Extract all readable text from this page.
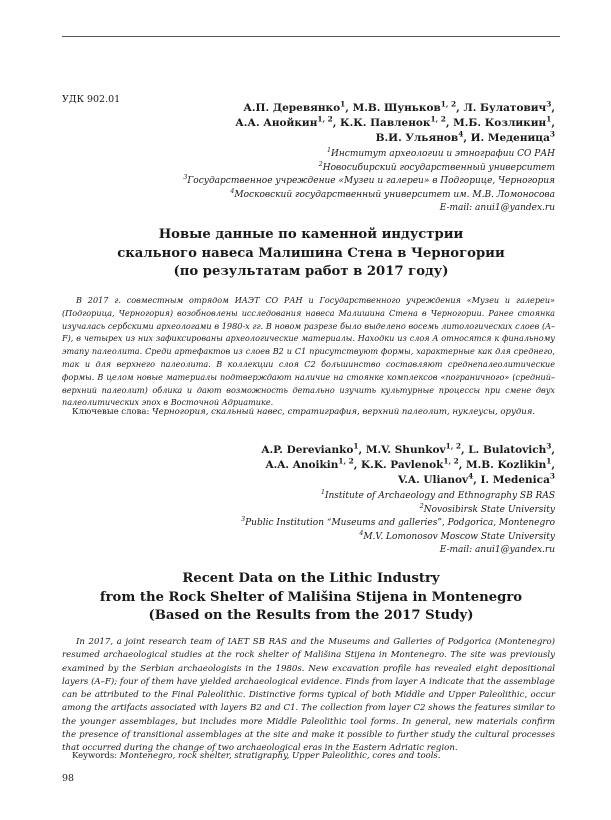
УДК 902.01
А.П. Деревянко$^1$, М.В. Шуньков$^{1, 2}$, Л. Булатович$^3$,
А.А. Анойкин$^{1, 2}$, К.К. Павленок$^{1, 2}$, М.Б. Козликин$^1$,
В.И. Ульянов$^4$, И. Меденица$^3$
$^1$Институт археологии и этнографии СО РАН
$^2$Новосибирский государственный университет
$^3$Государственное учреждение «Музеи и галереи» в Подгорице, Черногория
$^4$Московский государственный университет им. М.В. Ломоносова
E-mail: anui1@yandex.ru
Новые данные по каменной индустрии
скального навеса Малишина Стена в Черногории
(по результатам работ в 2017 году)
В 2017 г. совместным отрядом ИАЭТ СО РАН и Государственного учреждения «Музеи и галереи» (Подгорица, Черногория) возобновлены исследования навеса Малишина Стена в Черногории. Ранее стоянка изучалась сербскими археологами в 1980-х гг. В новом разрезе было выделено восемь литологических слоев (A–F), в четырех из них зафиксированы археологические материалы. Находки из слоя A относятся к финальному этапу палеолита. Среди артефактов из слоев B2 и C1 присутствуют формы, характерные как для среднего, так и для верхнего палеолита. В коллекции слоя C2 большинство составляют среднепалеолитические формы. В целом новые материалы подтверждают наличие на стоянке комплексов «пограничного» (средний–верхний палеолит) облика и дают возможность детально изучить культурные процессы при смене двух палеолитических эпох в Восточной Адриатике.
Ключевые слова: Черногория, скальный навес, стратиграфия, верхний палеолит, нуклеусы, орудия.
A.P. Derevianko$^1$, M.V. Shunkov$^{1, 2}$, L. Bulatovich$^3$,
A.A. Anoikin$^{1, 2}$, K.K. Pavlenok$^{1, 2}$, M.B. Kozlikin$^1$,
V.A. Ulianov$^4$, I. Medenica$^3$
$^1$Institute of Archaeology and Ethnography SB RAS
$^2$Novosibirsk State University
$^3$Public Institution “Museums and galleries”, Podgorica, Montenegro
$^4$M.V. Lomonosov Moscow State University
E-mail: anui1@yandex.ru
Recent Data on the Lithic Industry
from the Rock Shelter of Mališina Stijena in Montenegro
(Based on the Results from the 2017 Study)
In 2017, a joint research team of IAET SB RAS and the Museums and Galleries of Podgorica (Montenegro) resumed archaeological studies at the rock shelter of Mališina Stijena in Montenegro. The site was previously examined by the Serbian archaeologists in the 1980s. New excavation profile has revealed eight depositional layers (A–F); four of them have yielded archaeological evidence. Finds from layer A indicate that the assemblage can be attributed to the Final Paleolithic. Distinctive forms typical of both Middle and Upper Paleolithic, occur among the artifacts associated with layers B2 and C1. The collection from layer C2 shows the features similar to the younger assemblages, but includes more Middle Paleolithic tool forms. In general, new materials confirm the presence of transitional assemblages at the site and make it possible to further study the cultural processes that occurred during the change of two archaeological eras in the Eastern Adriatic region.
Keywords: Montenegro, rock shelter, stratigraphy, Upper Paleolithic, cores and tools.
98
